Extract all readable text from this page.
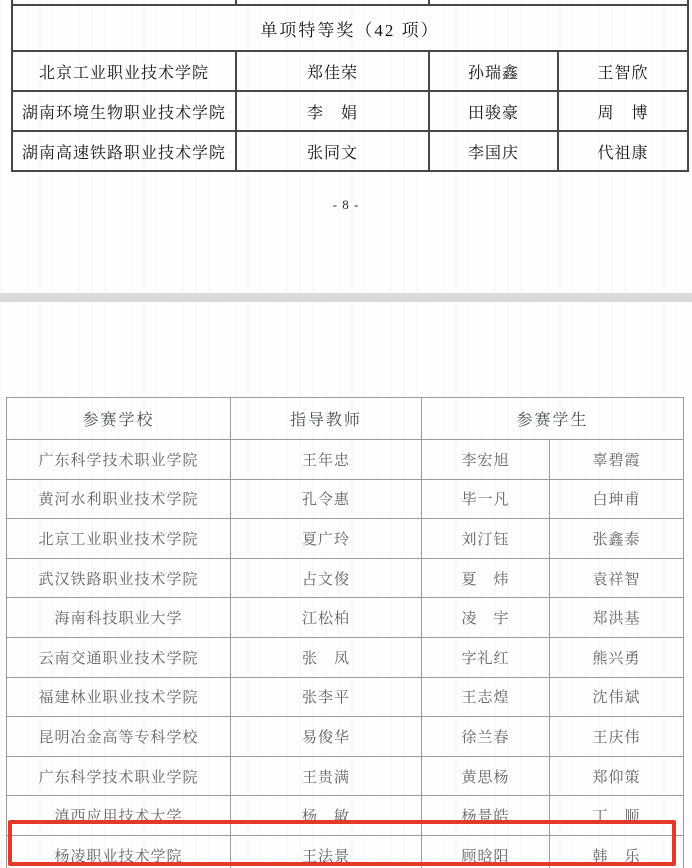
单项特等奖（42 项）			
北京工业职业技术学院	郑佳荣	孙瑞鑫	王智欣
湖南环境生物职业技术学院	李　娟	田骏豪	周　博
湖南高速铁路职业技术学院	张同文	李国庆	代祖康
- 8 -
参赛学校	指导教师	参赛学生	
广东科学技术职业学院	王年忠	李宏旭	辜碧霞
黄河水利职业技术学院	孔令惠	毕一凡	白珅甫
北京工业职业技术学院	夏广玲	刘汀钰	张鑫泰
武汉铁路职业技术学院	占文俊	夏　炜	袁祥智
海南科技职业大学	江松柏	凌　宇	郑洪基
云南交通职业技术学院	张　凤	字礼红	熊兴勇
福建林业职业技术学院	张李平	王志煌	沈伟斌
昆明冶金高等专科学校	易俊华	徐兰春	王庆伟
广东科学技术职业学院	王贵满	黄思杨	郑仰策
滇西应用技术大学	杨　敏	杨景皓	丁　顺
杨凌职业技术学院	王法景	顾晗阳	韩　乐
